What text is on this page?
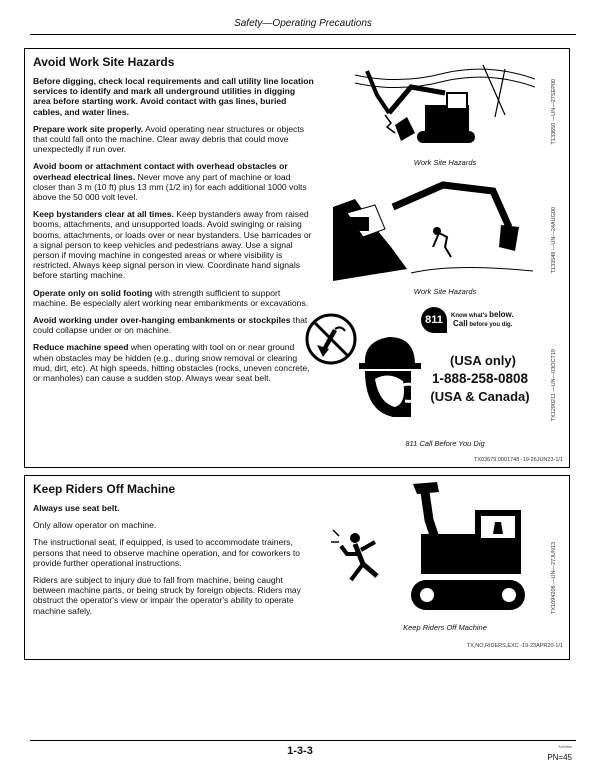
Safety—Operating Precautions
Avoid Work Site Hazards

Before digging, check local requirements and call utility line location services to identify and mark all underground utilities in digging area before starting work. Avoid contact with gas lines, buried cables, and water lines.

Prepare work site properly. Avoid operating near structures or objects that could fall onto the machine. Clear away debris that could move unexpectedly if run over.

Avoid boom or attachment contact with overhead obstacles or overhead electrical lines. Never move any part of machine or load closer than 3 m (10 ft) plus 13 mm (1/2 in) for each additional 1000 volts above the 50 000 volt level.

Keep bystanders clear at all times. Keep bystanders away from raised booms, attachments, and unsupported loads. Avoid swinging or raising booms, attachments, or loads over or near bystanders. Use barricades or a signal person to keep vehicles and pedestrians away. Use a signal person if moving machine in congested areas or where visibility is restricted. Always keep signal person in view. Coordinate hand signals before starting machine.

Operate only on solid footing with strength sufficient to support machine. Be especially alert working near embankments or excavations.

Avoid working under over-hanging embankments or stockpiles that could collapse under or on machine.

Reduce machine speed when operating with tool on or near ground when obstacles may be hidden (e.g., during snow removal or clearing mud, dirt, etc). At high speeds, hitting obstacles (rocks, uneven concrete, or manholes) can cause a sudden stop. Always wear seat belt.

Work Site Hazards
T133650 —UN—27SEP00
Work Site Hazards
T133549 —UN—24AUG00
811	Know what's below.
Call before you dig.
(USA only)
1-888-258-0808
(USA & Canada)
811 Call Before You Dig
TX1290211 —UN—03OCT19
TX03679,0001748 -19-26JUN23-1/1
Keep Riders Off Machine

Always use seat belt.

Only allow operator on machine.

The instructional seat, if equipped, is used to accommodate trainers, persons that need to observe machine operation, and for coworkers to provide further operational instructions.

Riders are subject to injury due to fall from machine, being caught between machine parts, or being struck by foreign objects. Riders may obstruct the operator's view or impair the operator's ability to operate machine safely.

Keep Riders Off Machine
TX1094208 —UN—27JUN13
TX,NO,RIDERS,EXC -19-23APR20-1/1
1-3-3	NoYear
PN=45
